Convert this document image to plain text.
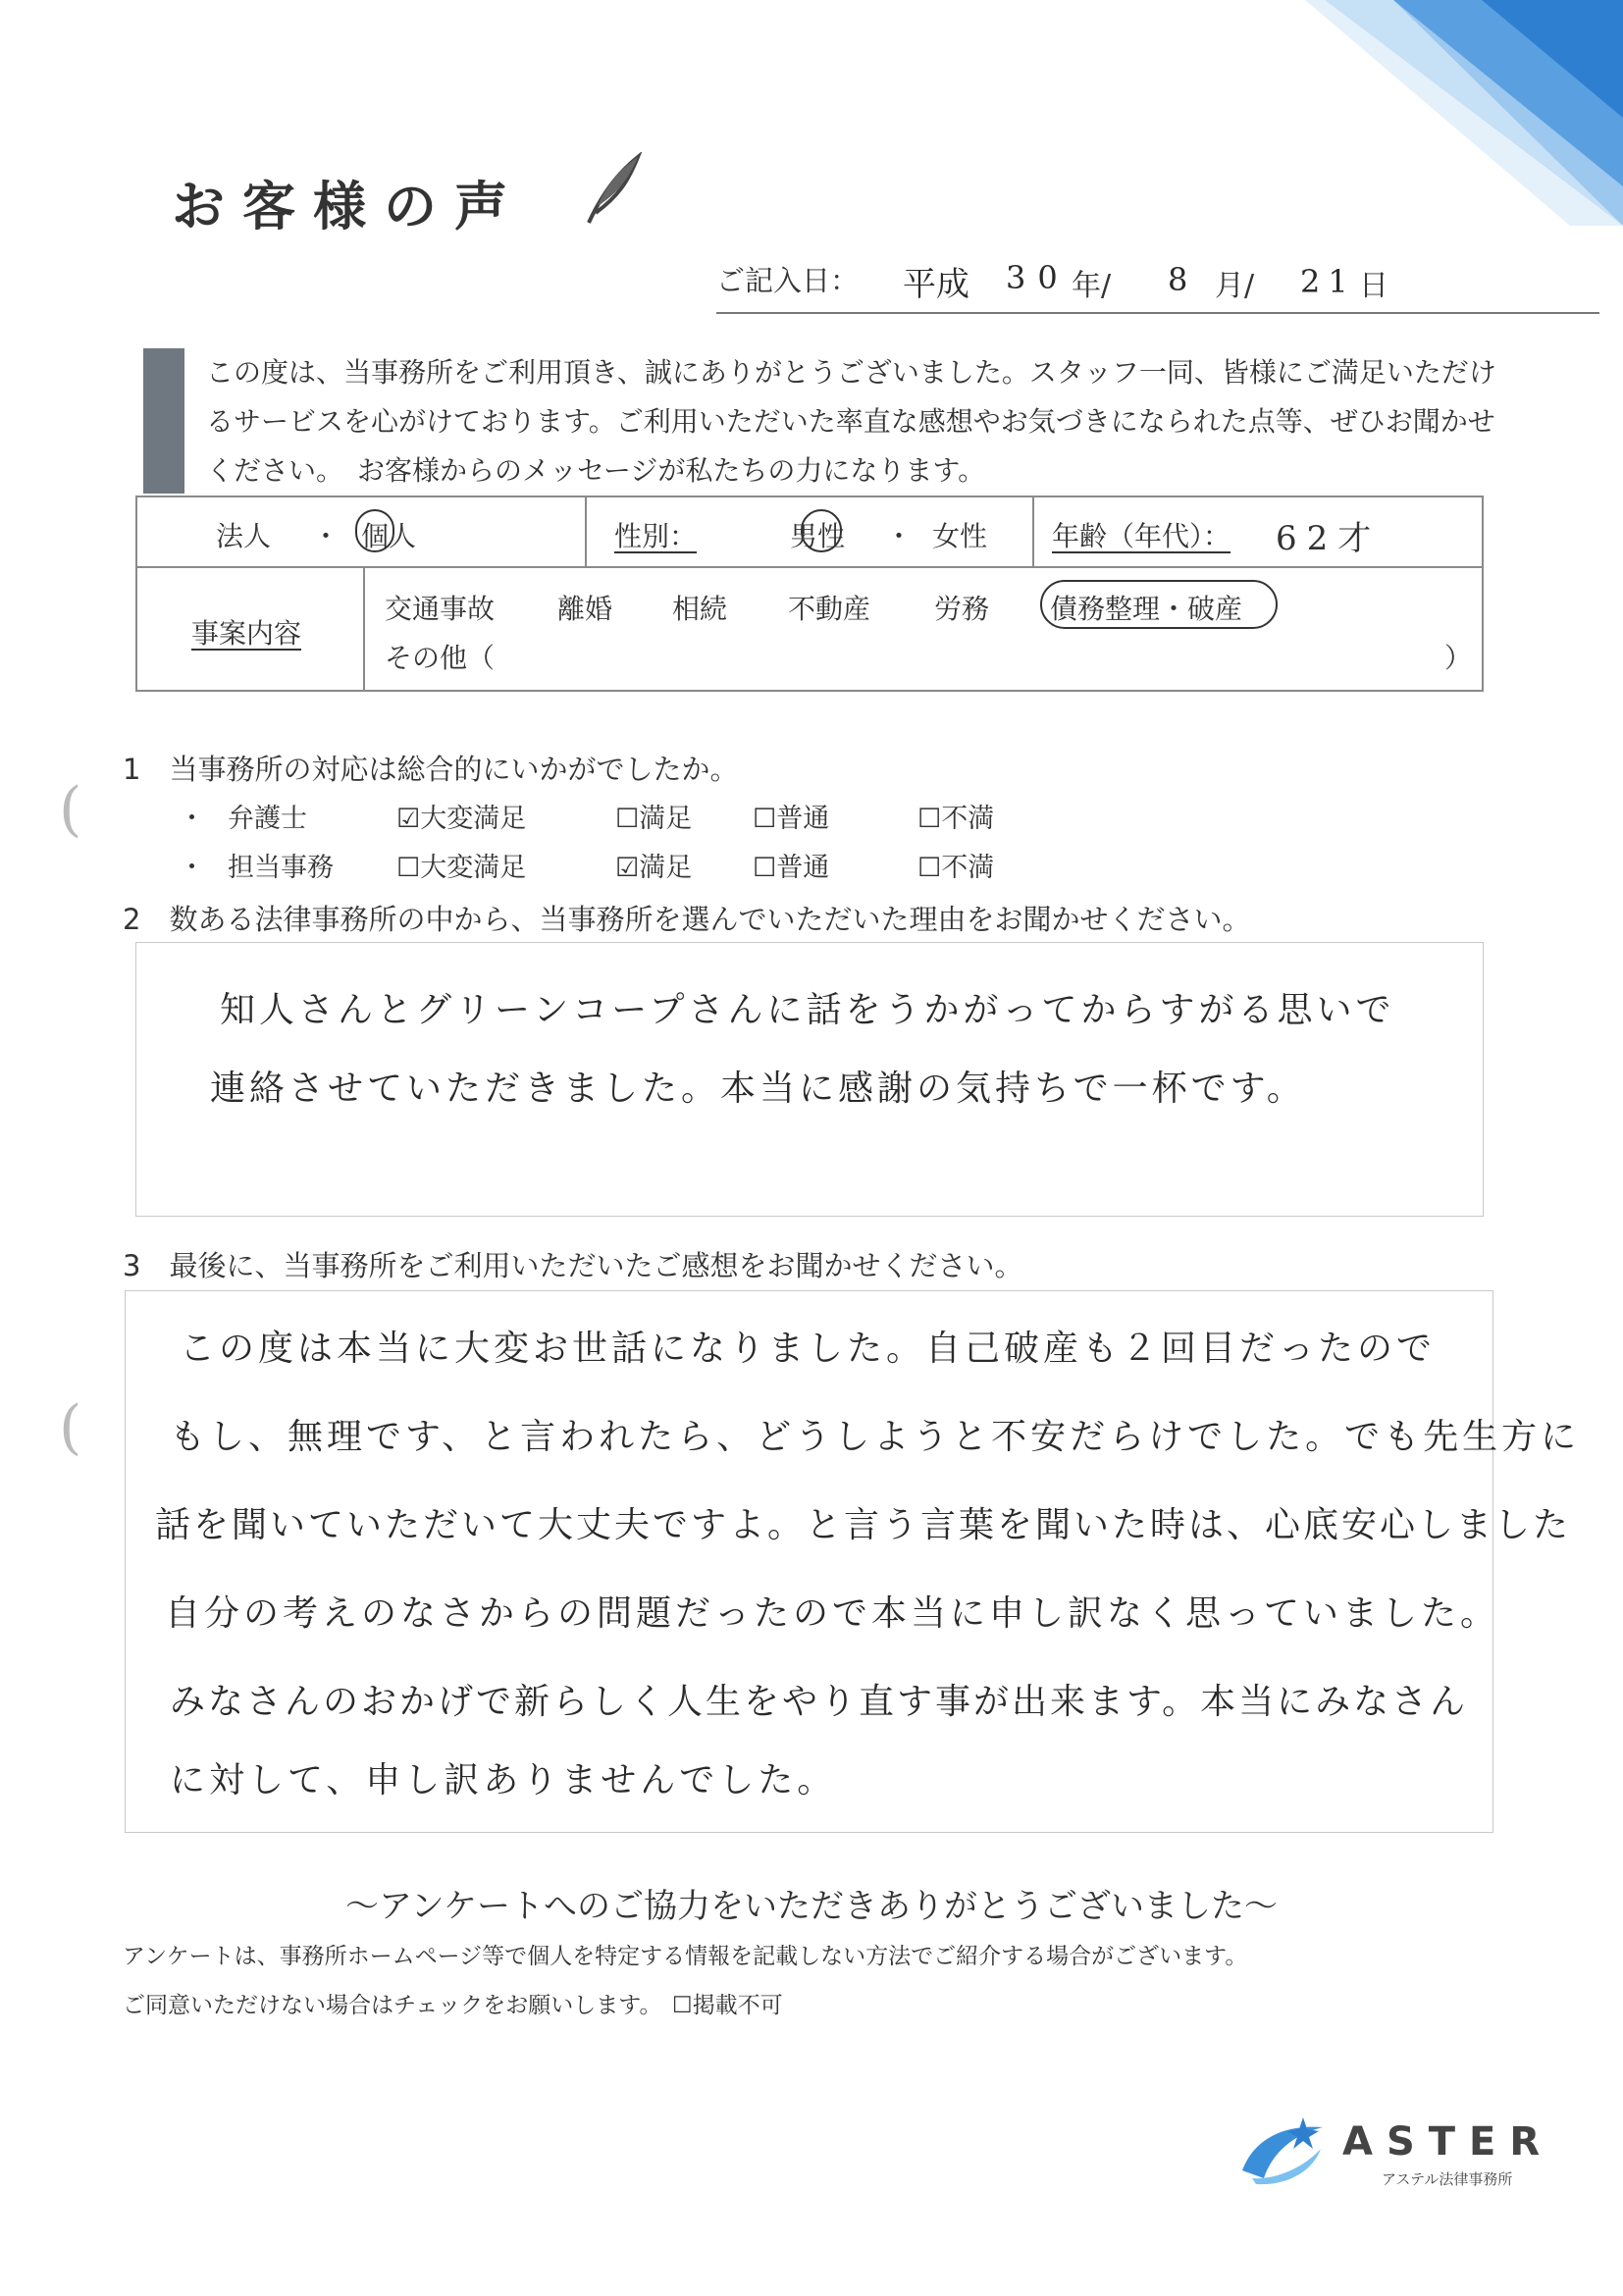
お客様の声
ご記入日： 平成 30 年/ 8 月/ 21 日
この度は、当事務所をご利用頂き、誠にありがとうございました。スタッフ一同、皆様にご満足いただけるサービスを心がけております。ご利用いただいた率直な感想やお気づきになられた点等、ぜひお聞かせください。　お客様からのメッセージが私たちの力になります。
法人 ・ 個人	性別：	男性 ・ 女性 年齢（年代）： 62才
事案内容
交通事故 離婚 相続 不動産 労務 債務整理・破産
その他（	）
1　当事務所の対応は総合的にいかがでしたか。
(	・ 弁護士	☑大変満足	☐満足 ☐普通	☐不満
・ 担当事務 ☐大変満足	☑満足 ☐普通	☐不満
2　数ある法律事務所の中から、当事務所を選んでいただいた理由をお聞かせください。
知人さんとグリーンコープさんに話をうかがってからすがる思いで
連絡させていただきました。本当に感謝の気持ちで一杯です。
3　最後に、当事務所をご利用いただいたご感想をお聞かせください。
(
この度は本当に大変お世話になりました。自己破産も２回目だったので
もし、無理です、と言われたら、どうしようと不安だらけでした。でも先生方に
話を聞いていただいて大丈夫ですよ。と言う言葉を聞いた時は、心底安心しました
自分の考えのなさからの問題だったので本当に申し訳なく思っていました。
みなさんのおかげで新らしく人生をやり直す事が出来ます。本当にみなさん
に対して、申し訳ありませんでした。
〜アンケートへのご協力をいただきありがとうございました〜
アンケートは、事務所ホームページ等で個人を特定する情報を記載しない方法でご紹介する場合がございます。
ご同意いただけない場合はチェックをお願いします。 ☐掲載不可
ASTER
アステル法律事務所
